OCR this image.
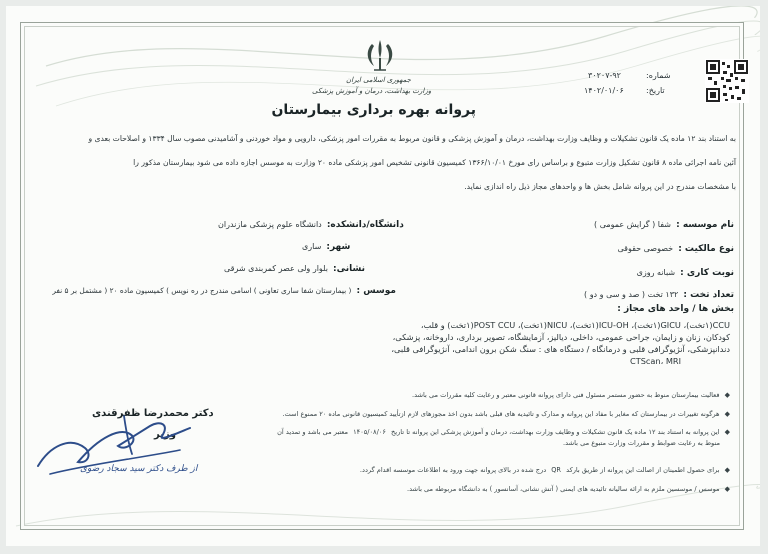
جمهوری اسلامی ایران
وزارت بهداشت، درمان و آموزش پزشکی
شماره:
۳۰۲۰۷-۹۲
تاریخ:
۱۴۰۲/۰۱/۰۶
پروانه بهره برداری بیمارستان
به استناد بند ۱۲ ماده یک قانون تشکیلات و وظایف وزارت بهداشت، درمان و آموزش پزشکی و قانون مربوط به مقررات امور پزشکی، دارویی و مواد خوردنی و آشامیدنی مصوب سال ۱۳۳۴ و اصلاحات بعدی و
آئین نامه اجرائی ماده ۸ قانون تشکیل وزارت متبوع و براساس رای مورخ ۱۳۶۶/۱۰/۰۱ کمیسیون قانونی تشخیص امور پزشکی ماده ۲۰ وزارت به موسس اجازه داده می شود بیمارستان مذکور را
با مشخصات مندرج در این پروانه شامل بخش ها و واحدهای مجاز ذیل راه اندازی نماید.
نام موسسه : شفا ( گرایش عمومی )
نوع مالکیت : خصوصی حقوقی
نوبت کاری : شبانه روزی
تعداد تخت : ۱۳۲ تخت ( صد و سی و دو )
دانشگاه/دانشکده: دانشگاه علوم پزشکی مازندران
شهر: ساری
نشانی: بلوار ولی عصر کمربندی شرقی
موسس : ( بیمارستان شفا ساری تعاونی ) اسامی مندرج در ره نویس ) کمیسیون ماده ۲۰ ( مشتمل بر ۵ نفر
بخش ها / واحد های مجاز :
CCU(۱تخت)، GICU(۱تخت)، ICU-OH(۱تخت)، NICU(۱تخت)، POST CCU(۱تخت) و قلب،
کودکان، زنان و زایمان، جراحی عمومی، داخلی، دیالیز، آزمایشگاه، تصویر برداری، داروخانه، پزشکی،
دندانپزشکی، آنژیوگرافی قلبی و درمانگاه / دستگاه های : سنگ شکن برون اندامی، آنژیوگرافی قلبی،
CTScan، MRI
◆ فعالیت بیمارستان منوط به حضور مستمر مسئول فنی دارای پروانه قانونی معتبر و رعایت کلیه مقررات می باشد.
◆ هرگونه تغییرات در بیمارستان که مغایر با مفاد این پروانه و مدارک و تائیدیه های قبلی باشد بدون اخذ مجوزهای لازم ازتأیید کمیسیون قانونی ماده ۲۰ ممنوع است.
◆ این پروانه به استناد بند ۱۲ ماده یک قانون تشکیلات و وظایف وزارت بهداشت، درمان و آموزش پزشکی این پروانه تا تاریخ ۱۴۰۵/۰۸/۰۶ معتبر می باشد و تمدید آن
منوط به رعایت ضوابط و مقررات وزارت متبوع می باشد.
◆ برای حصول اطمینان از اصالت این پروانه از طریق بارکد QR درج شده در بالای پروانه جهت ورود به اطلاعات موسسه اقدام گردد.
◆ موسس / موسسین ملزم به ارائه سالیانه تائیدیه های ایمنی ( آتش نشانی، آسانسور ) به دانشگاه مربوطه می باشد.
دکتر محمدرضا ظفرقندی
وزیر
از طرف دکتر سید سجاد رضوی
